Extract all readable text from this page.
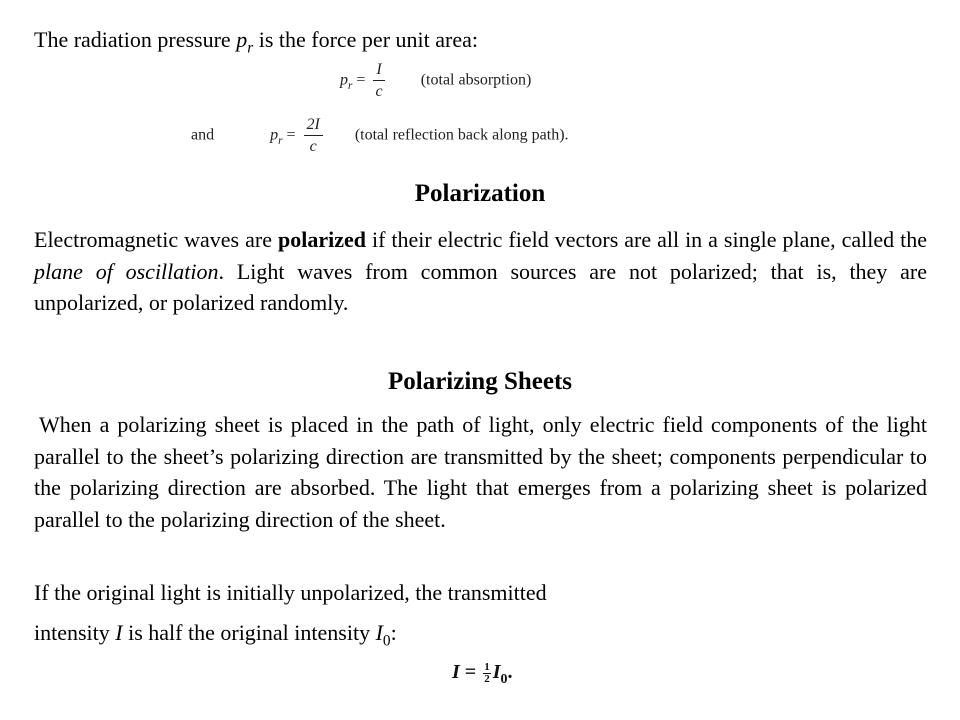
The radiation pressure $p_r$ is the force per unit area:
$p_r = \frac{I}{c}$ (total absorption)
and	$p_r = \frac{2I}{c}$ (total reflection back along path).
Polarization
Electromagnetic waves are polarized if their electric field vectors are all in a single plane, called the plane of oscillation. Light waves from common sources are not polarized; that is, they are unpolarized, or polarized randomly.
Polarizing Sheets
When a polarizing sheet is placed in the path of light, only electric field components of the light parallel to the sheet’s polarizing direction are transmitted by the sheet; components perpendicular to the polarizing direction are absorbed. The light that emerges from a polarizing sheet is polarized parallel to the polarizing direction of the sheet.
If the original light is initially unpolarized, the transmitted
intensity I is half the original intensity $I_0$:
$I = \frac{1}{2} I_0$.
